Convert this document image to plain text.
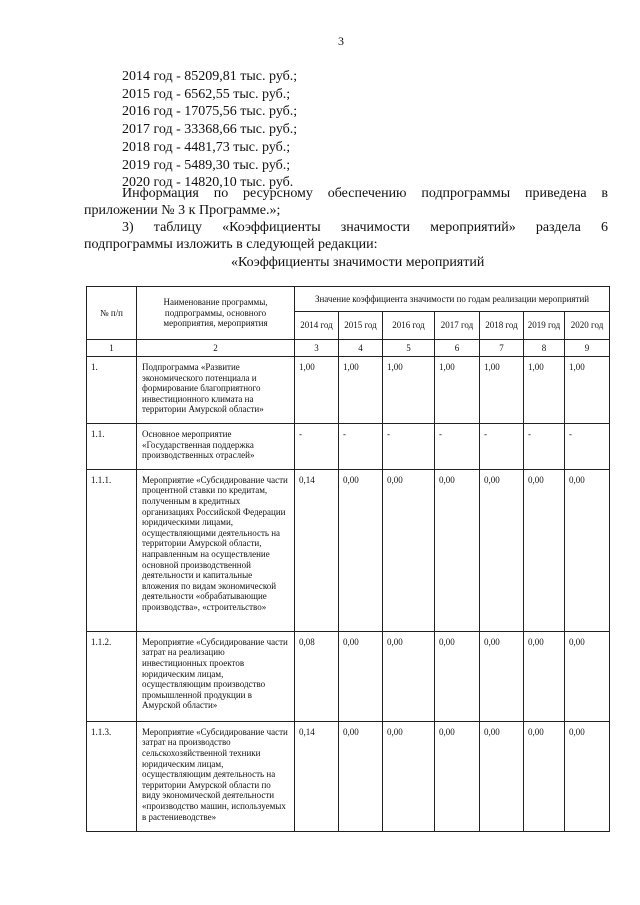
3
2014 год - 85209,81 тыс. руб.;
2015 год - 6562,55 тыс. руб.;
2016 год - 17075,56 тыс. руб.;
2017 год - 33368,66 тыс. руб.;
2018 год - 4481,73 тыс. руб.;
2019 год - 5489,30 тыс. руб.;
2020 год - 14820,10 тыс. руб.
Информация по ресурсному обеспечению подпрограммы приведена в
приложении № 3 к Программе.»;
3) таблицу «Коэффициенты значимости мероприятий» раздела 6
подпрограммы изложить в следующей редакции:
«Коэффициенты значимости мероприятий
№ п/п	Наименование программы, подпрограммы, основного мероприятия, мероприятия	Значение коэффициента значимости по годам реализации мероприятий						
		2014 год	2015 год	2016 год	2017 год	2018 год	2019 год	2020 год
1	2	3	4	5	6	7	8	9
1.	Подпрограмма «Развитие экономического потенциала и формирование благоприятного инвестиционного климата на территории Амурской области»	1,00	1,00	1,00	1,00	1,00	1,00	1,00
1.1.	Основное мероприятие «Государственная поддержка производственных отраслей»	-	-	-	-	-	-	-
1.1.1.	Мероприятие «Субсидирование части процентной ставки по кредитам, полученным в кредитных организациях Российской Федерации юридическими лицами, осуществляющими деятельность на территории Амурской области, направленным на осуществление основной производственной деятельности и капитальные вложения по видам экономической деятельности «обрабатывающие производства», «строительство»	0,14	0,00	0,00	0,00	0,00	0,00	0,00
1.1.2.	Мероприятие «Субсидирование части затрат на реализацию инвестиционных проектов юридическим лицам, осуществляющим производство промышленной продукции в Амурской области»	0,08	0,00	0,00	0,00	0,00	0,00	0,00
1.1.3.	Мероприятие «Субсидирование части затрат на производство сельскохозяйственной техники юридическим лицам, осуществляющим деятельность на территории Амурской области по виду экономической деятельности «производство машин, используемых в растениеводстве»	0,14	0,00	0,00	0,00	0,00	0,00	0,00
